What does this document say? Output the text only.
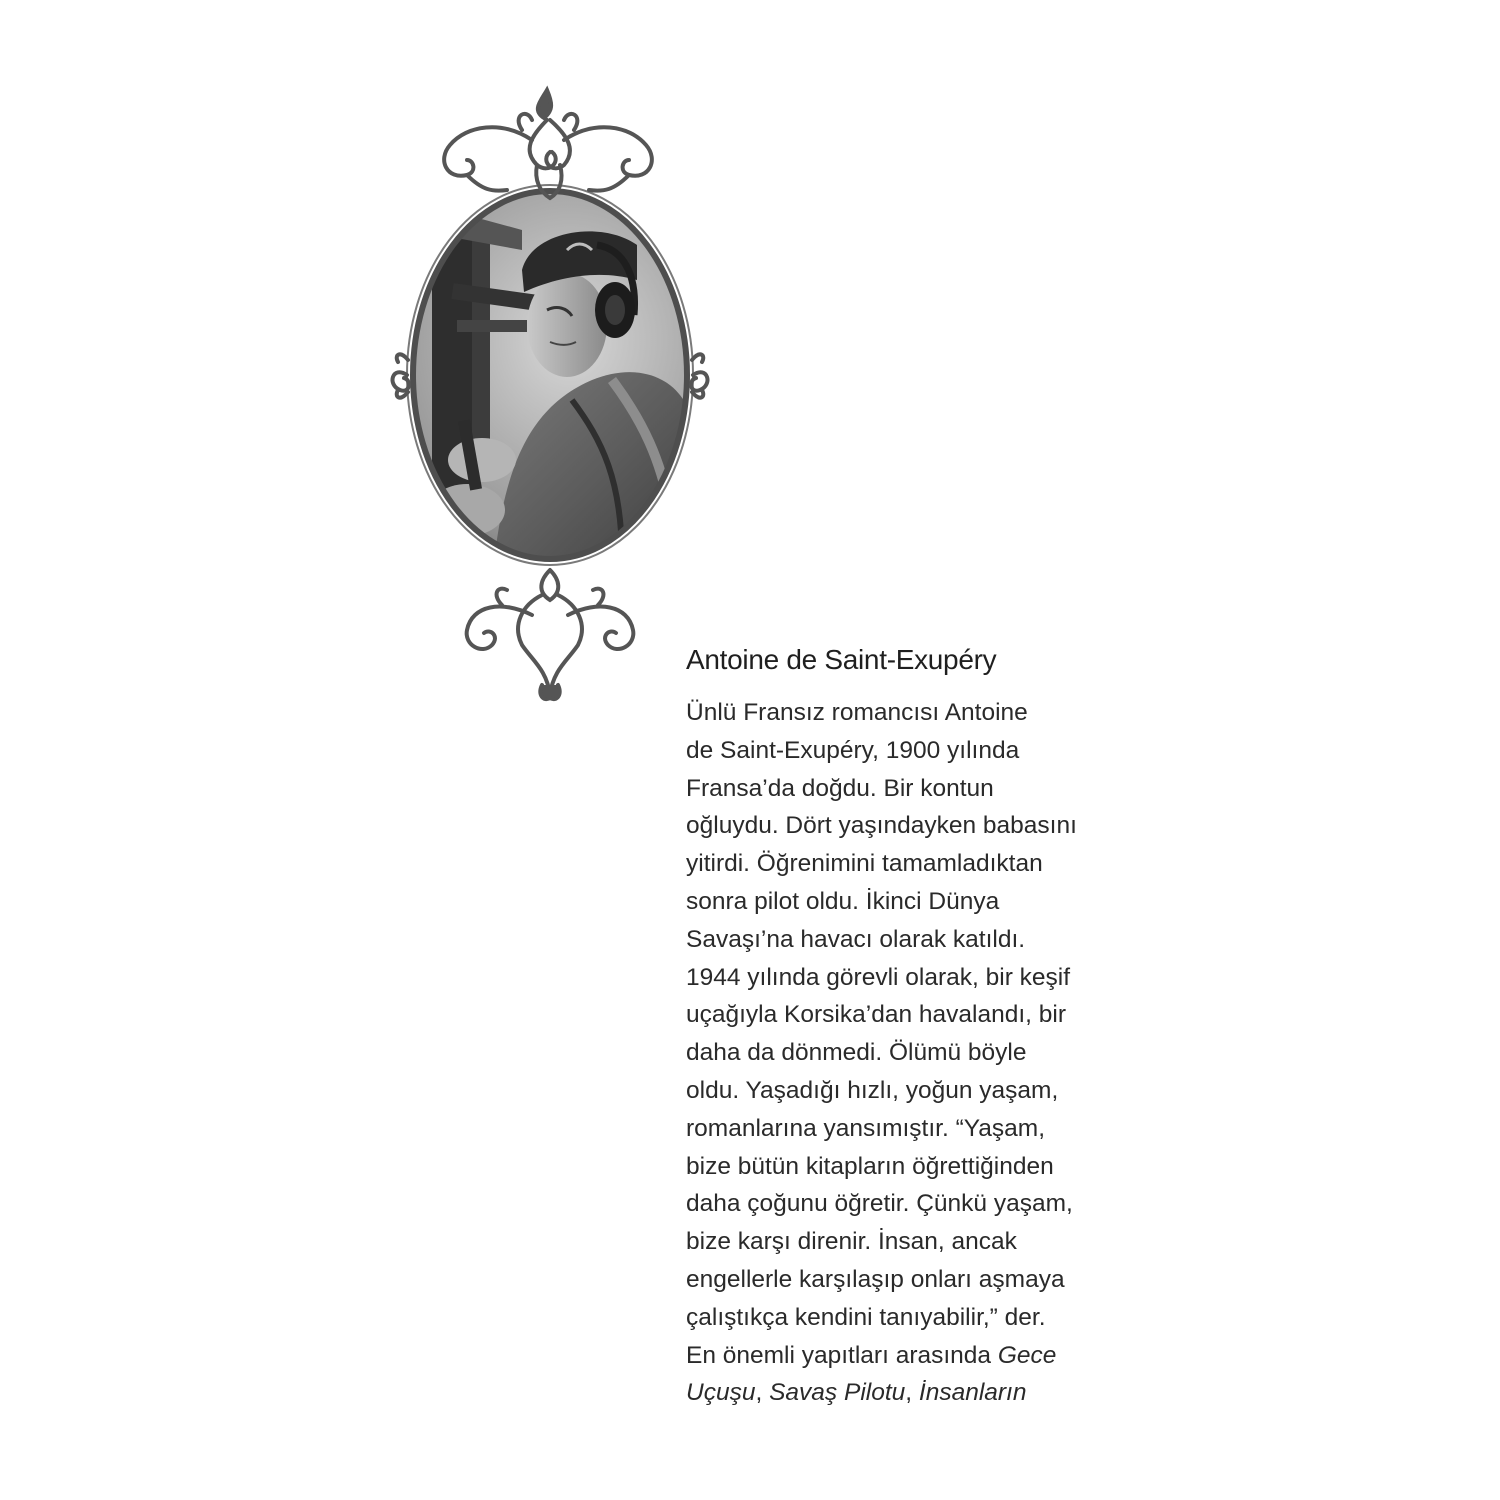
Antoine de Saint-Exupéry
Ünlü Fransız romancısı Antoine
de Saint-Exupéry, 1900 yılında
Fransa’da doğdu. Bir kontun
oğluydu. Dört yaşındayken babasını
yitirdi. Öğrenimini tamamladıktan
sonra pilot oldu. İkinci Dünya
Savaşı’na havacı olarak katıldı.
1944 yılında görevli olarak, bir keşif
uçağıyla Korsika’dan havalandı, bir
daha da dönmedi. Ölümü böyle
oldu. Yaşadığı hızlı, yoğun yaşam,
romanlarına yansımıştır. “Yaşam,
bize bütün kitapların öğrettiğinden
daha çoğunu öğretir. Çünkü yaşam,
bize karşı direnir. İnsan, ancak
engellerle karşılaşıp onları aşmaya
çalıştıkça kendini tanıyabilir,” der.
En önemli yapıtları arasında Gece
Uçuşu, Savaş Pilotu, İnsanların
